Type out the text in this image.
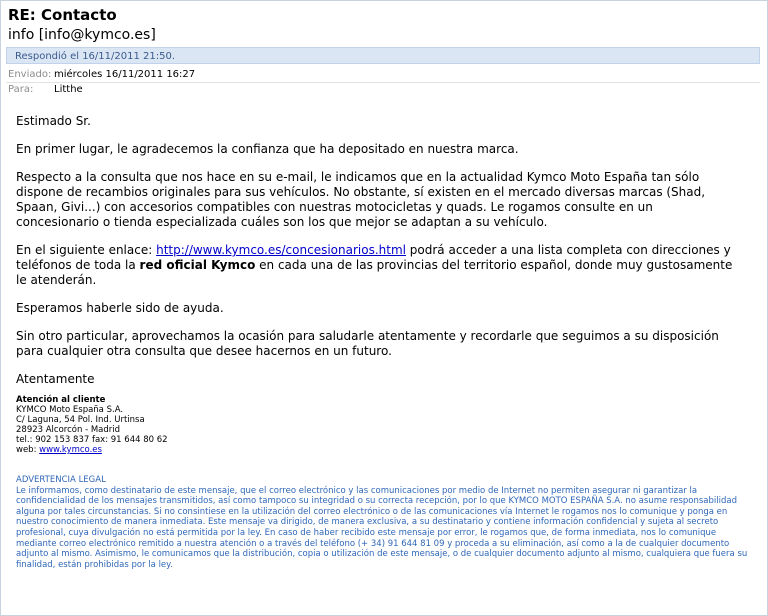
RE: Contacto
info [info@kymco.es]
Respondió el 16/11/2011 21:50.
Enviado: miércoles 16/11/2011 16:27
Para: Litthe

Estimado Sr.

En primer lugar, le agradecemos la confianza que ha depositado en nuestra marca.

Respecto a la consulta que nos hace en su e-mail, le indicamos que en la actualidad Kymco Moto España tan sólo dispone de recambios originales para sus vehículos. No obstante, sí existen en el mercado diversas marcas (Shad, Spaan, Givi...) con accesorios compatibles con nuestras motocicletas y quads. Le rogamos consulte en un concesionario o tienda especializada cuáles son los que mejor se adaptan a su vehículo.

En el siguiente enlace: http://www.kymco.es/concesionarios.html podrá acceder a una lista completa con direcciones y teléfonos de toda la red oficial Kymco en cada una de las provincias del territorio español, donde muy gustosamente le atenderán.

Esperamos haberle sido de ayuda.

Sin otro particular, aprovechamos la ocasión para saludarle atentamente y recordarle que seguimos a su disposición para cualquier otra consulta que desee hacernos en un futuro.

Atentamente

Atención al cliente
KYMCO Moto España S.A.
C/ Laguna, 54 Pol. Ind. Urtinsa
28923 Alcorcón - Madrid
tel.: 902 153 837 fax: 91 644 80 62
web: www.kymco.es
ADVERTENCIA LEGAL
Le informamos, como destinatario de este mensaje, que el correo electrónico y las comunicaciones por medio de Internet no permiten asegurar ni garantizar la confidencialidad de los mensajes transmitidos, así como tampoco su integridad o su correcta recepción, por lo que KYMCO MOTO ESPAÑA S.A. no asume responsabilidad alguna por tales circunstancias. Si no consintiese en la utilización del correo electrónico o de las comunicaciones vía Internet le rogamos nos lo comunique y ponga en nuestro conocimiento de manera inmediata. Este mensaje va dirigido, de manera exclusiva, a su destinatario y contiene información confidencial y sujeta al secreto profesional, cuya divulgación no está permitida por la ley. En caso de haber recibido este mensaje por error, le rogamos que, de forma inmediata, nos lo comunique mediante correo electrónico remitido a nuestra atención o a través del teléfono (+ 34) 91 644 81 09 y proceda a su eliminación, así como a la de cualquier documento adjunto al mismo. Asimismo, le comunicamos que la distribución, copia o utilización de este mensaje, o de cualquier documento adjunto al mismo, cualquiera que fuera su finalidad, están prohibidas por la ley.
